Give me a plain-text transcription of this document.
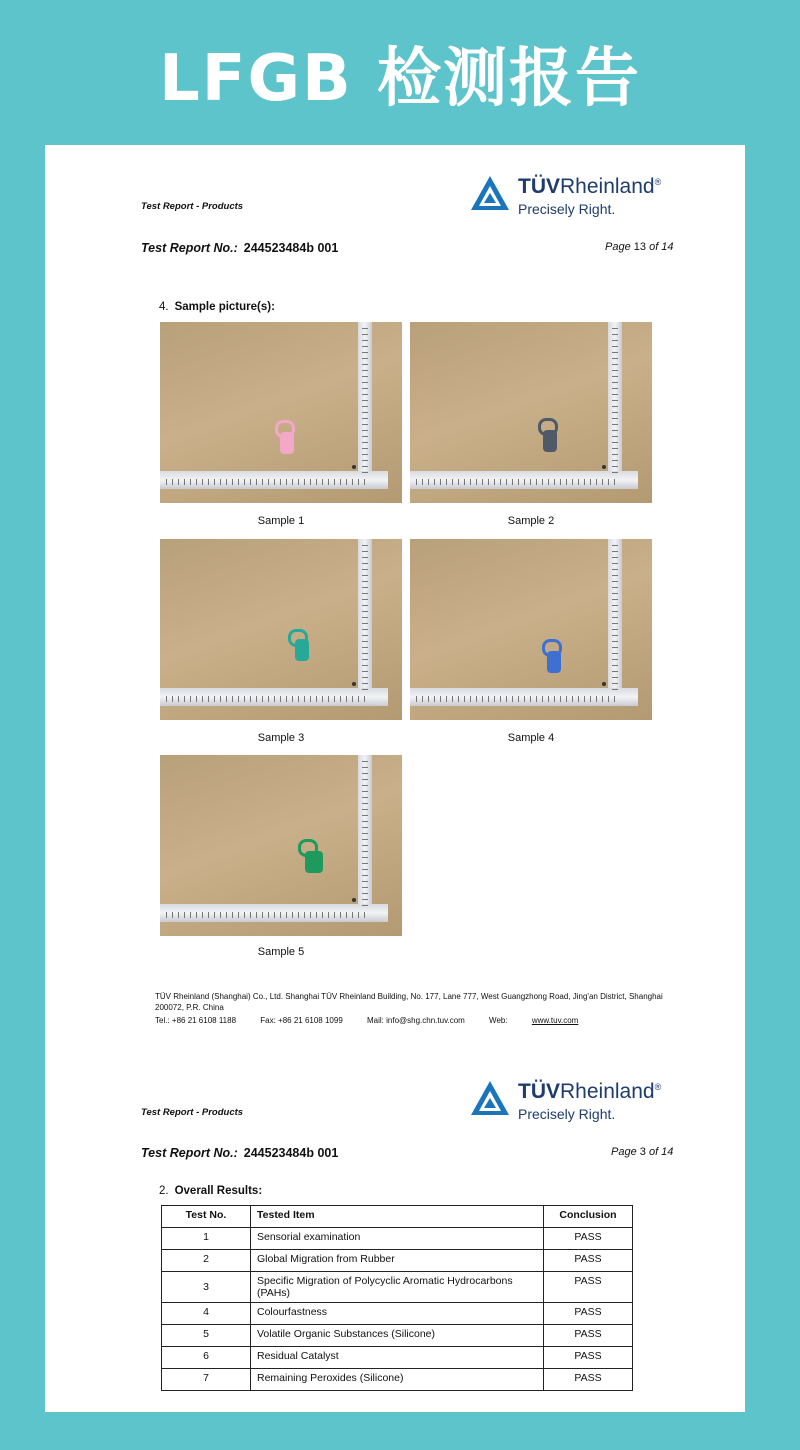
LFGB 检测报告
Test Report - Products
TÜVRheinland®
Precisely Right.
Test Report No.: 244523484b 001	Page 13 of 14
4. Sample picture(s):
Sample 1	Sample 2
Sample 3	Sample 4
Sample 5
TÜV Rheinland (Shanghai) Co., Ltd. Shanghai TÜV Rheinland Building, No. 177, Lane 777, West Guangzhong Road, Jing'an District, Shanghai 200072, P.R. China
Tel.: +86 21 6108 1188	Fax: +86 21 6108 1099	Mail: info@shg.chn.tuv.com	Web:	www.tuv.com
Test Report - Products
TÜVRheinland®
Precisely Right.
Test Report No.: 244523484b 001	Page 3 of 14
2. Overall Results:
Test No.	Tested Item	Conclusion
1	Sensorial examination	PASS
2	Global Migration from Rubber	PASS
3	Specific Migration of Polycyclic Aromatic Hydrocarbons (PAHs)	PASS
4	Colourfastness	PASS
5	Volatile Organic Substances (Silicone)	PASS
6	Residual Catalyst	PASS
7	Remaining Peroxides (Silicone)	PASS
